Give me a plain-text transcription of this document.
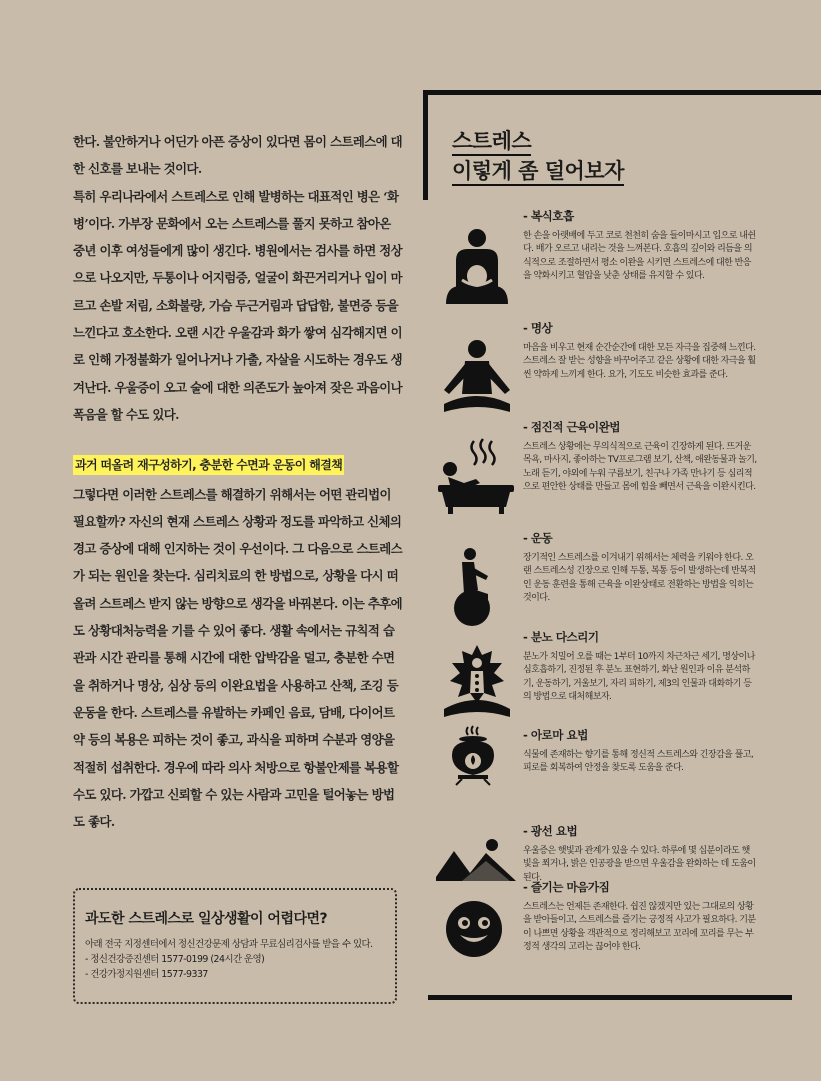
한다. 불안하거나 어딘가 아픈 증상이 있다면 몸이 스트레스에 대한 신호를 보내는 것이다.

특히 우리나라에서 스트레스로 인해 발병하는 대표적인 병은 ‘화병’이다. 가부장 문화에서 오는 스트레스를 풀지 못하고 참아온 중년 이후 여성들에게 많이 생긴다. 병원에서는 검사를 하면 정상으로 나오지만, 두통이나 어지럼증, 얼굴이 화끈거리거나 입이 마르고 손발 저림, 소화불량, 가슴 두근거림과 답답함, 불면증 등을 느낀다고 호소한다. 오랜 시간 우울감과 화가 쌓여 심각해지면 이로 인해 가정불화가 일어나거나 가출, 자살을 시도하는 경우도 생겨난다. 우울증이 오고 술에 대한 의존도가 높아져 잦은 과음이나 폭음을 할 수도 있다.

과거 떠올려 재구성하기, 충분한 수면과 운동이 해결책

그렇다면 이러한 스트레스를 해결하기 위해서는 어떤 관리법이 필요할까? 자신의 현재 스트레스 상황과 정도를 파악하고 신체의 경고 증상에 대해 인지하는 것이 우선이다. 그 다음으로 스트레스가 되는 원인을 찾는다. 심리치료의 한 방법으로, 상황을 다시 떠올려 스트레스 받지 않는 방향으로 생각을 바꿔본다. 이는 추후에도 상황대처능력을 기를 수 있어 좋다. 생활 속에서는 규칙적 습관과 시간 관리를 통해 시간에 대한 압박감을 덜고, 충분한 수면을 취하거나 명상, 심상 등의 이완요법을 사용하고 산책, 조깅 등 운동을 한다. 스트레스를 유발하는 카페인 음료, 담배, 다이어트 약 등의 복용은 피하는 것이 좋고, 과식을 피하며 수분과 영양을 적절히 섭취한다. 경우에 따라 의사 처방으로 항불안제를 복용할 수도 있다. 가깝고 신뢰할 수 있는 사람과 고민을 털어놓는 방법도 좋다.

과도한 스트레스로 일상생활이 어렵다면?

아래 전국 지정센터에서 정신건강문제 상담과 무료심리검사를 받을 수 있다.

- 정신건강증진센터 1577-0199 (24시간 운영)

- 건강가정지원센터 1577-9337

스트레스
이렇게 좀 덜어보자
- 복식호흡
한 손을 아랫배에 두고 코로 천천히 숨을 들이마시고 입으로 내쉰다. 배가 오르고 내리는 것을 느껴본다. 호흡의 깊이와 리듬을 의식적으로 조절하면서 평소 이완을 시키면 스트레스에 대한 반응을 약화시키고 혈압을 낮춘 상태를 유지할 수 있다.
- 명상
마음을 비우고 현재 순간순간에 대한 모든 자극을 집중해 느낀다. 스트레스 잘 받는 성향을 바꾸어주고 같은 상황에 대한 자극을 훨씬 약하게 느끼게 한다. 요가, 기도도 비슷한 효과를 준다.
- 점진적 근육이완법
스트레스 상황에는 무의식적으로 근육이 긴장하게 된다. 뜨거운 목욕, 마사지, 좋아하는 TV프로그램 보기, 산책, 애완동물과 놀기, 노래 듣기, 야외에 누워 구름보기, 친구나 가족 만나기 등 심리적으로 편안한 상태를 만들고 몸에 힘을 빼면서 근육을 이완시킨다.
- 운동
장기적인 스트레스를 이겨내기 위해서는 체력을 키워야 한다. 오랜 스트레스성 긴장으로 인해 두통, 복통 등이 발생하는데 반복적인 운동 훈련을 통해 근육을 이완상태로 전환하는 방법을 익히는 것이다.
- 분노 다스리기
분노가 치밀어 오를 때는 1부터 10까지 차근차근 세기, 명상이나 심호흡하기, 진정된 후 분노 표현하기, 화난 원인과 이유 분석하기, 운동하기, 거울보기, 자리 피하기, 제3의 인물과 대화하기 등의 방법으로 대처해보자.
- 아로마 요법
식물에 존재하는 향기를 통해 정신적 스트레스와 긴장감을 풀고, 피로를 회복하여 안정을 찾도록 도움을 준다.
- 광선 요법
우울증은 햇빛과 관계가 있을 수 있다. 하루에 몇 십분이라도 햇빛을 쬐거나, 밝은 인공광을 받으면 우울감을 완화하는 데 도움이 된다.
- 즐기는 마음가짐
스트레스는 언제든 존재한다. 쉽진 않겠지만 있는 그대로의 상황을 받아들이고, 스트레스를 즐기는 긍정적 사고가 필요하다. 기분이 나쁘면 상황을 객관적으로 정리해보고 꼬리에 꼬리를 무는 부정적 생각의 고리는 끊어야 한다.
